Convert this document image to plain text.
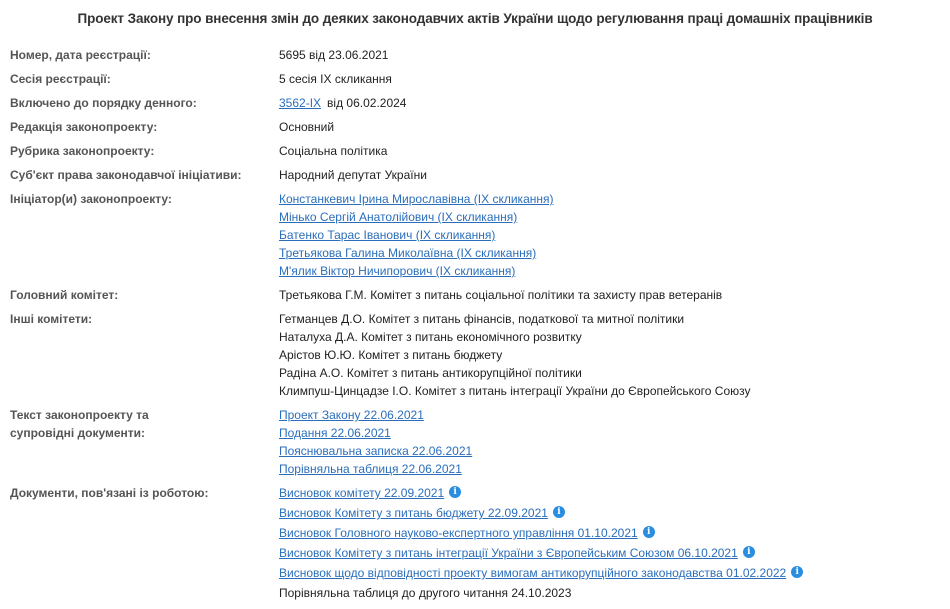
Проект Закону про внесення змін до деяких законодавчих актів України щодо регулювання праці домашніх працівників
Номер, дата реєстрації:	5695 від 23.06.2021
Сесія реєстрації:	5 сесія IX скликання
Включено до порядку денного:	3562-IX від 06.02.2024
Редакція законопроекту:	Основний
Рубрика законопроекту:	Соціальна політика
Суб'єкт права законодавчої ініціативи:	Народний депутат України
Ініціатор(и) законопроекту:	Констанкевич Ірина Мирославівна (IX скликання)
Мінько Сергій Анатолійович (IX скликання)
Батенко Тарас Іванович (IX скликання)
Третьякова Галина Миколаївна (IX скликання)
М'ялик Віктор Ничипорович (IX скликання)
Головний комітет:	Третьякова Г.М. Комітет з питань соціальної політики та захисту прав ветеранів
Інші комітети:	Гетманцев Д.О. Комітет з питань фінансів, податкової та митної політики
Наталуха Д.А. Комітет з питань економічного розвитку
Арістов Ю.Ю. Комітет з питань бюджету
Радіна А.О. Комітет з питань антикорупційної політики
Климпуш-Цинцадзе І.О. Комітет з питань інтеграції України до Європейського Союзу
Текст законопроекту та супровідні документи:
Проект Закону 22.06.2021
Подання 22.06.2021
Пояснювальна записка 22.06.2021
Порівняльна таблиця 22.06.2021
Документи, пов'язані із роботою:	Висновок комітету 22.09.2021 i
Висновок Комітету з питань бюджету 22.09.2021 i
Висновок Головного науково-експертного управління 01.10.2021 i
Висновок Комітету з питань інтеграції України з Європейським Союзом 06.10.2021 i
Висновок щодо відповідності проекту вимогам антикорупційного законодавства 01.02.2022 i
Порівняльна таблиця до другого читання 24.10.2023
